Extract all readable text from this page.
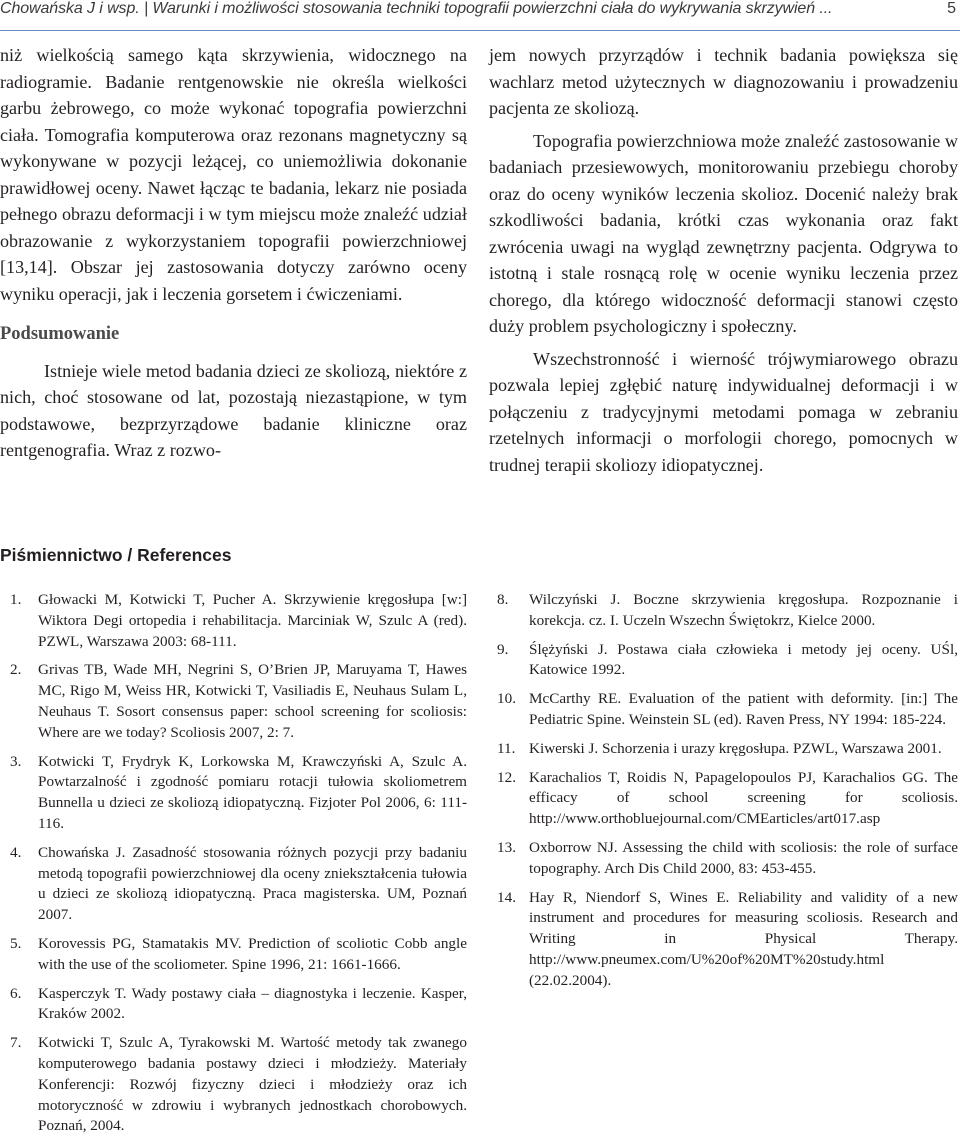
Chowańska J i wsp. | Warunki i możliwości stosowania techniki topografii powierzchni ciała do wykrywania skrzywień ...	5

niż wielkością samego kąta skrzywienia, widocznego na radiogramie. Badanie rentgenowskie nie określa wielkości garbu żebrowego, co może wykonać topografia powierzchni ciała. Tomografia komputerowa oraz rezonans magnetyczny są wykonywane w pozycji leżącej, co uniemożliwia dokonanie prawidłowej oceny. Nawet łącząc te badania, lekarz nie posiada pełnego obrazu deformacji i w tym miejscu może znaleźć udział obrazowanie z wykorzystaniem topografii powierzchniowej [13,14]. Obszar jej zastosowania dotyczy zarówno oceny wyniku operacji, jak i leczenia gorsetem i ćwiczeniami.

Podsumowanie

Istnieje wiele metod badania dzieci ze skoliozą, niektóre z nich, choć stosowane od lat, pozostają niezastąpione, w tym podstawowe, bezprzyrządowe badanie kliniczne oraz rentgenografia. Wraz z rozwo-

jem nowych przyrządów i technik badania powiększa się wachlarz metod użytecznych w diagnozowaniu i prowadzeniu pacjenta ze skoliozą.

Topografia powierzchniowa może znaleźć zastosowanie w badaniach przesiewowych, monitorowaniu przebiegu choroby oraz do oceny wyników leczenia skolioz. Docenić należy brak szkodliwości badania, krótki czas wykonania oraz fakt zwrócenia uwagi na wygląd zewnętrzny pacjenta. Odgrywa to istotną i stale rosnącą rolę w ocenie wyniku leczenia przez chorego, dla którego widoczność deformacji stanowi często duży problem psychologiczny i społeczny.

Wszechstronność i wierność trójwymiarowego obrazu pozwala lepiej zgłębić naturę indywidualnej deformacji i w połączeniu z tradycyjnymi metodami pomaga w zebraniu rzetelnych informacji o morfologii chorego, pomocnych w trudnej terapii skoliozy idiopatycznej.

Piśmiennictwo / References
1. Głowacki M, Kotwicki T, Pucher A. Skrzywienie kręgosłupa [w:] Wiktora Degi ortopedia i rehabilitacja. Marciniak W, Szulc A (red). PZWL, Warszawa 2003: 68-111.
2. Grivas TB, Wade MH, Negrini S, O’Brien JP, Maruyama T, Hawes MC, Rigo M, Weiss HR, Kotwicki T, Vasiliadis E, Neuhaus Sulam L, Neuhaus T. Sosort consensus paper: school screening for scoliosis: Where are we today? Scoliosis 2007, 2: 7.
3. Kotwicki T, Frydryk K, Lorkowska M, Krawczyński A, Szulc A. Powtarzalność i zgodność pomiaru rotacji tułowia skoliometrem Bunnella u dzieci ze skoliozą idiopatyczną. Fizjoter Pol 2006, 6: 111-116.
4. Chowańska J. Zasadność stosowania różnych pozycji przy badaniu metodą topografii powierzchniowej dla oceny zniekształcenia tułowia u dzieci ze skoliozą idiopatyczną. Praca magisterska. UM, Poznań 2007.
5. Korovessis PG, Stamatakis MV. Prediction of scoliotic Cobb angle with the use of the scoliometer. Spine 1996, 21: 1661-1666.
6. Kasperczyk T. Wady postawy ciała – diagnostyka i leczenie. Kasper, Kraków 2002.
7. Kotwicki T, Szulc A, Tyrakowski M. Wartość metody tak zwanego komputerowego badania postawy dzieci i młodzieży. Materiały Konferencji: Rozwój fizyczny dzieci i młodzieży oraz ich motoryczność w zdrowiu i wybranych jednostkach chorobowych. Poznań, 2004.
8. Wilczyński J. Boczne skrzywienia kręgosłupa. Rozpoznanie i korekcja. cz. I. Uczeln Wszechn Świętokrz, Kielce 2000.
9. Ślężyński J. Postawa ciała człowieka i metody jej oceny. UŚl, Katowice 1992.
10. McCarthy RE. Evaluation of the patient with deformity. [in:] The Pediatric Spine. Weinstein SL (ed). Raven Press, NY 1994: 185-224.
11. Kiwerski J. Schorzenia i urazy kręgosłupa. PZWL, Warszawa 2001.
12. Karachalios T, Roidis N, Papagelopoulos PJ, Karachalios GG. The efficacy of school screening for scoliosis. http://www.orthobluejournal.com/CMEarticles/art017.asp
13. Oxborrow NJ. Assessing the child with scoliosis: the role of surface topography. Arch Dis Child 2000, 83: 453-455.
14. Hay R, Niendorf S, Wines E. Reliability and validity of a new instrument and procedures for measuring scoliosis. Research and Writing in Physical Therapy. http://www.pneumex.com/U%20of%20MT%20study.html (22.02.2004).
